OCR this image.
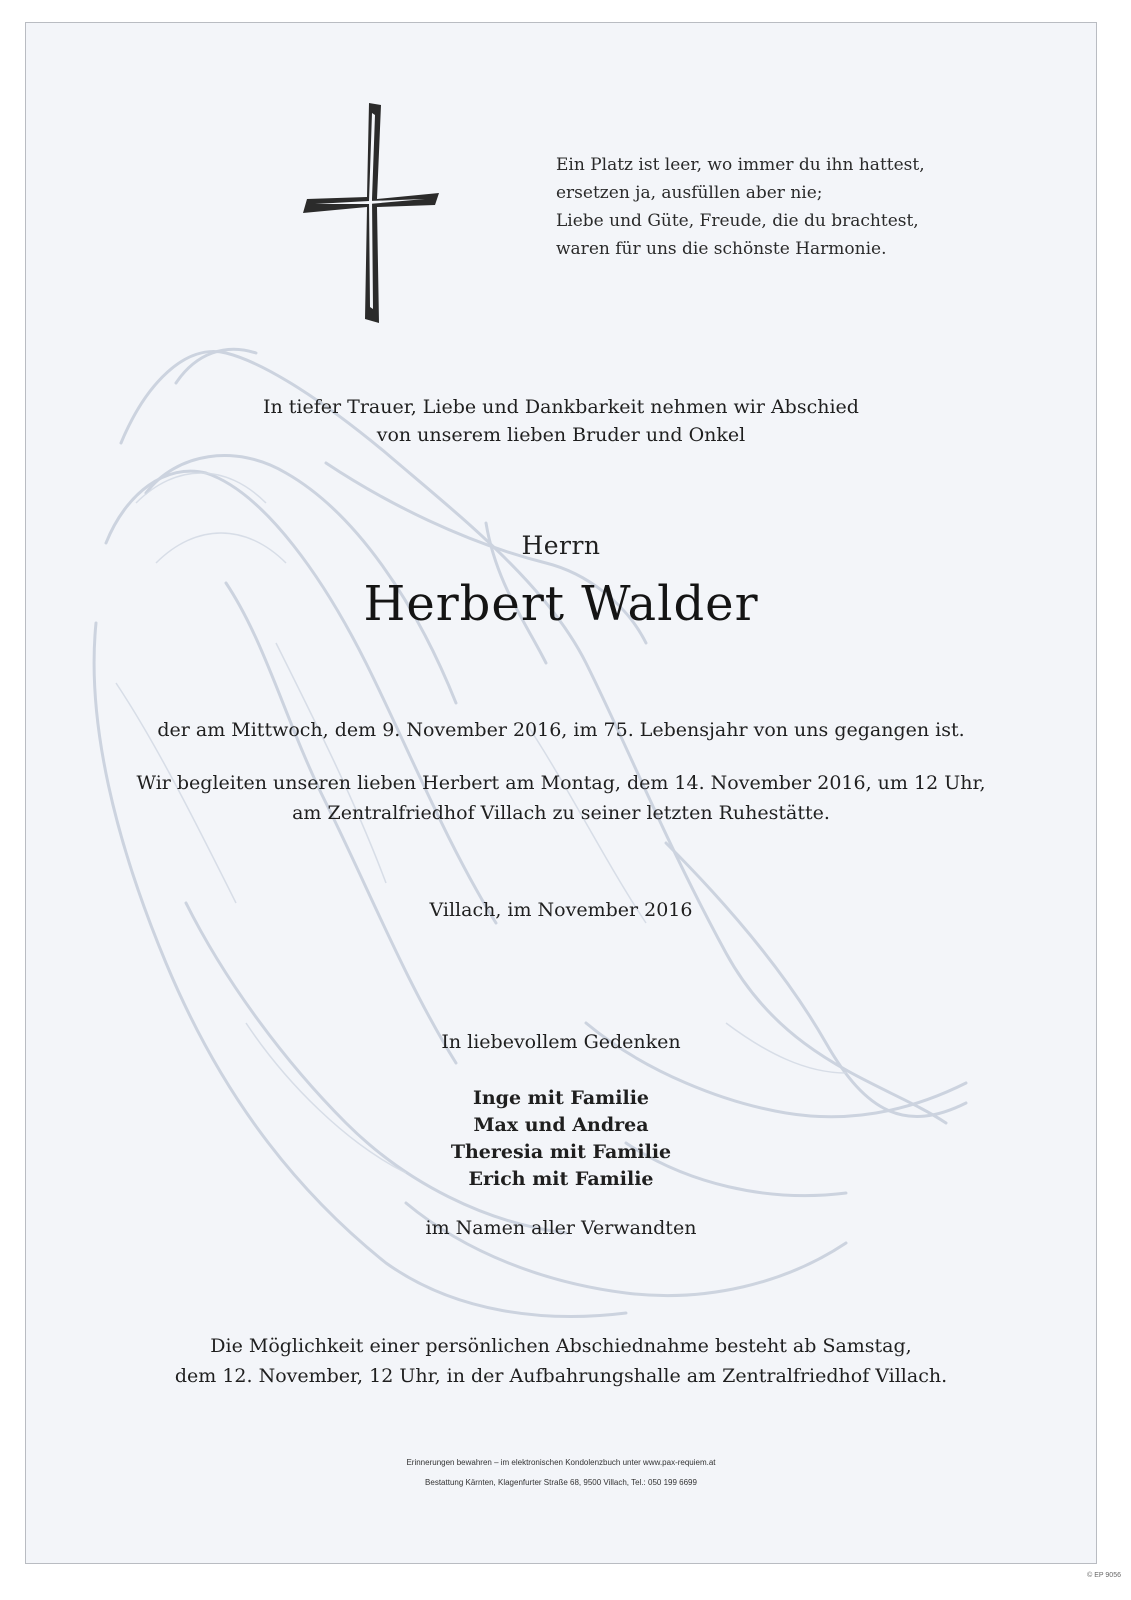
Ein Platz ist leer, wo immer du ihn hattest,
ersetzen ja, ausfüllen aber nie;
Liebe und Güte, Freude, die du brachtest,
waren für uns die schönste Harmonie.
In tiefer Trauer, Liebe und Dankbarkeit nehmen wir Abschied
von unserem lieben Bruder und Onkel
Herrn
Herbert Walder
der am Mittwoch, dem 9. November 2016, im 75. Lebensjahr von uns gegangen ist.
Wir begleiten unseren lieben Herbert am Montag, dem 14. November 2016, um 12 Uhr,
am Zentralfriedhof Villach zu seiner letzten Ruhestätte.
Villach, im November 2016
In liebevollem Gedenken
Inge mit Familie
Max und Andrea
Theresia mit Familie
Erich mit Familie
im Namen aller Verwandten
Die Möglichkeit einer persönlichen Abschiednahme besteht ab Samstag,
dem 12. November, 12 Uhr, in der Aufbahrungshalle am Zentralfriedhof Villach.
Erinnerungen bewahren – im elektronischen Kondolenzbuch unter www.pax-requiem.at
Bestattung Kärnten, Klagenfurter Straße 68, 9500 Villach, Tel.: 050 199 6699
© EP 9056
